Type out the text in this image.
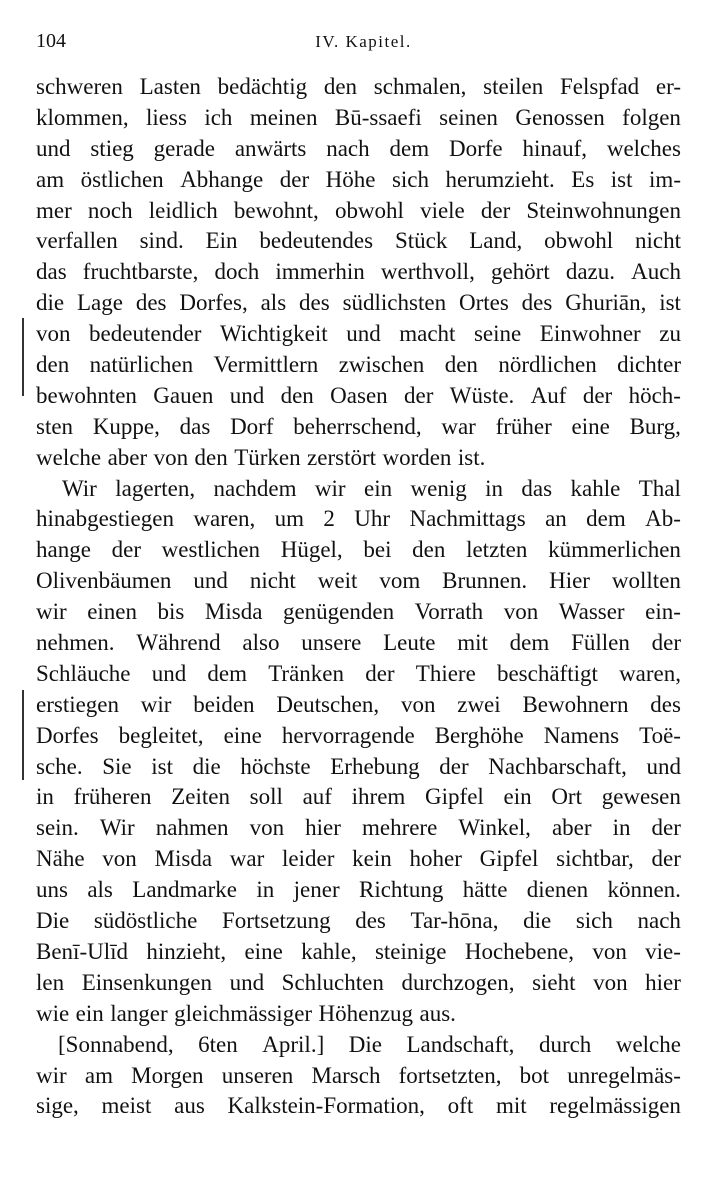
104	IV. Kapitel.
schweren Lasten bedächtig den schmalen, steilen Felspfad er-
klommen, liess ich meinen Bū-ssaefi seinen Genossen folgen
und stieg gerade anwärts nach dem Dorfe hinauf, welches
am östlichen Abhange der Höhe sich herumzieht. Es ist im-
mer noch leidlich bewohnt, obwohl viele der Steinwohnungen
verfallen sind. Ein bedeutendes Stück Land, obwohl nicht
das fruchtbarste, doch immerhin werthvoll, gehört dazu. Auch
die Lage des Dorfes, als des südlichsten Ortes des Ghuriān, ist
von bedeutender Wichtigkeit und macht seine Einwohner zu
den natürlichen Vermittlern zwischen den nördlichen dichter
bewohnten Gauen und den Oasen der Wüste. Auf der höch-
sten Kuppe, das Dorf beherrschend, war früher eine Burg,
welche aber von den Türken zerstört worden ist.
Wir lagerten, nachdem wir ein wenig in das kahle Thal
hinabgestiegen waren, um 2 Uhr Nachmittags an dem Ab-
hange der westlichen Hügel, bei den letzten kümmerlichen
Olivenbäumen und nicht weit vom Brunnen. Hier wollten
wir einen bis Misda genügenden Vorrath von Wasser ein-
nehmen. Während also unsere Leute mit dem Füllen der
Schläuche und dem Tränken der Thiere beschäftigt waren,
erstiegen wir beiden Deutschen, von zwei Bewohnern des
Dorfes begleitet, eine hervorragende Berghöhe Namens Toë-
sche. Sie ist die höchste Erhebung der Nachbarschaft, und
in früheren Zeiten soll auf ihrem Gipfel ein Ort gewesen
sein. Wir nahmen von hier mehrere Winkel, aber in der
Nähe von Misda war leider kein hoher Gipfel sichtbar, der
uns als Landmarke in jener Richtung hätte dienen können.
Die südöstliche Fortsetzung des Tar-hōna, die sich nach
Benī-Ulīd hinzieht, eine kahle, steinige Hochebene, von vie-
len Einsenkungen und Schluchten durchzogen, sieht von hier
wie ein langer gleichmässiger Höhenzug aus.
[Sonnabend, 6ten April.] Die Landschaft, durch welche
wir am Morgen unseren Marsch fortsetzten, bot unregelmäs-
sige, meist aus Kalkstein-Formation, oft mit regelmässigen
